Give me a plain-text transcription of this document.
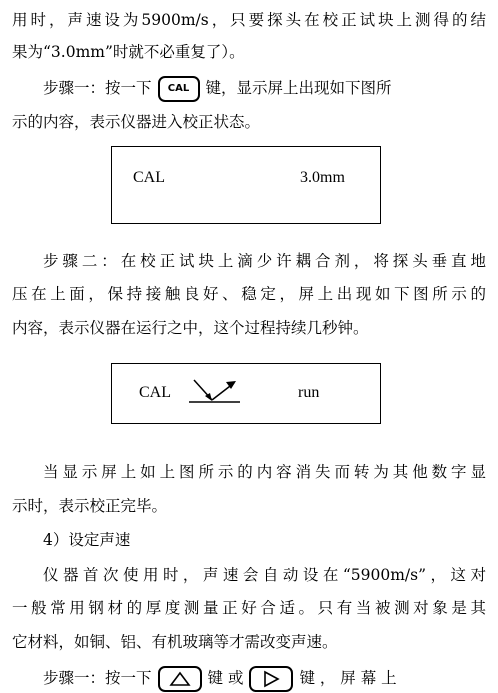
用时，声速设为5900m/s，只要探头在校正试块上测得的结
果为“3.0mm”时就不必重复了）。
步骤一：按一下 CAL 键，显示屏上出现如下图所
示的内容，表示仪器进入校正状态。
CAL	3.0mm
步骤二：在校正试块上滴少许耦合剂，将探头垂直地
压在上面，保持接触良好、稳定，屏上出现如下图所示的
内容，表示仪器在运行之中，这个过程持续几秒钟。
CAL	run
当显示屏上如上图所示的内容消失而转为其他数字显
示时，表示校正完毕。
4）设定声速
仪器首次使用时，声速会自动设在“5900m/s”，这对
一般常用钢材的厚度测量正好合适。只有当被测对象是其
它材料，如铜、铝、有机玻璃等才需改变声速。
步骤一：按一下	键 或	键 ， 屏 幕 上
